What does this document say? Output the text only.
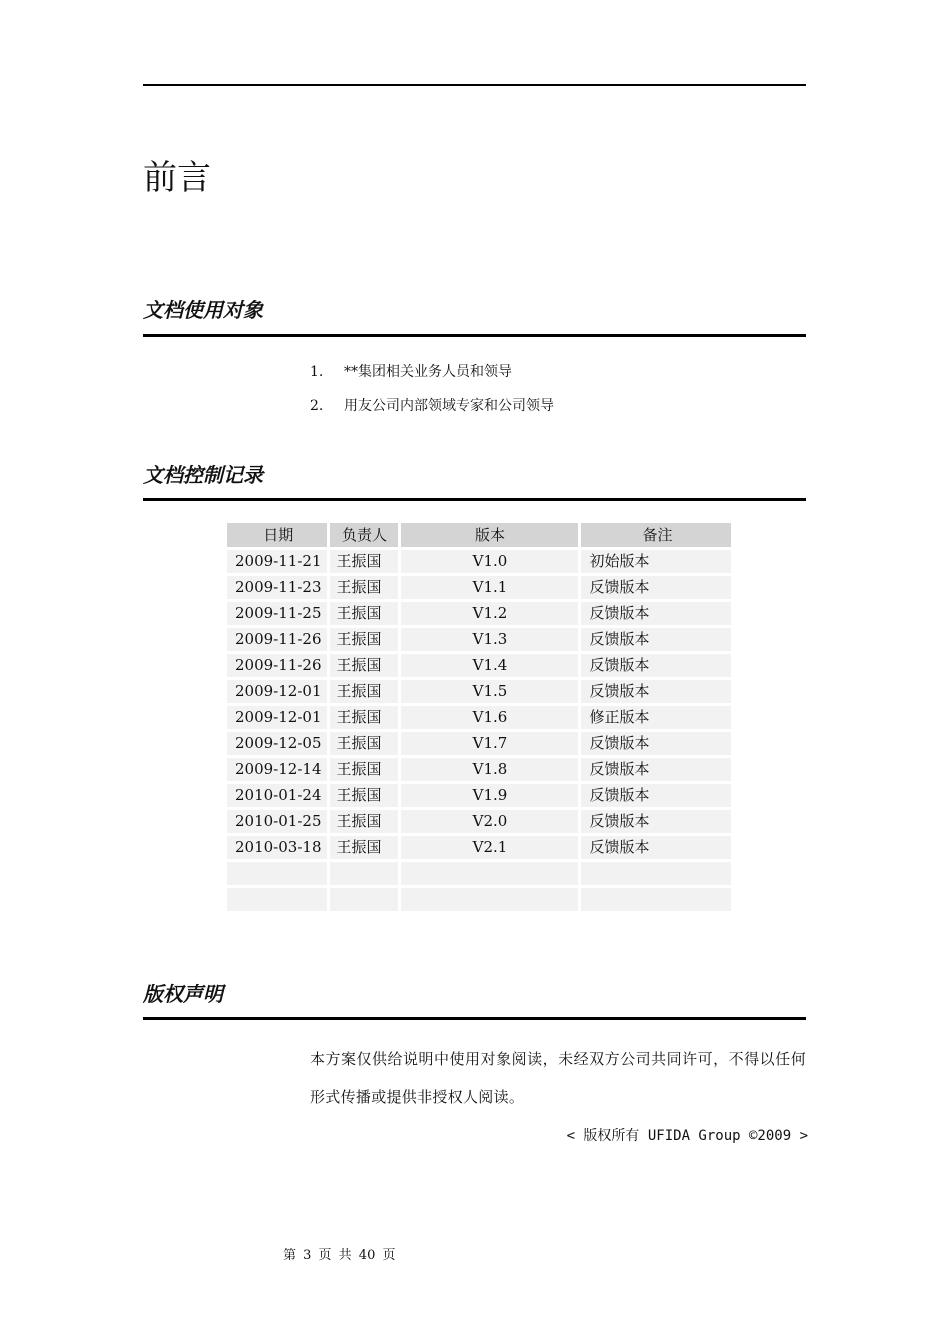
前言
文档使用对象
1. **集团相关业务人员和领导
2. 用友公司内部领域专家和公司领导
文档控制记录
日期	负责人	版本	备注
2009-11-21	王振国	V1.0	初始版本
2009-11-23	王振国	V1.1	反馈版本
2009-11-25	王振国	V1.2	反馈版本
2009-11-26	王振国	V1.3	反馈版本
2009-11-26	王振国	V1.4	反馈版本
2009-12-01	王振国	V1.5	反馈版本
2009-12-01	王振国	V1.6	修正版本
2009-12-05	王振国	V1.7	反馈版本
2009-12-14	王振国	V1.8	反馈版本
2010-01-24	王振国	V1.9	反馈版本
2010-01-25	王振国	V2.0	反馈版本
2010-03-18	王振国	V2.1	反馈版本

版权声明

本方案仅供给说明中使用对象阅读，未经双方公司共同许可，不得以任何形式传播或提供非授权人阅读。

< 版权所有 UFIDA Group ©2009 >
第 3 页 共 40 页
